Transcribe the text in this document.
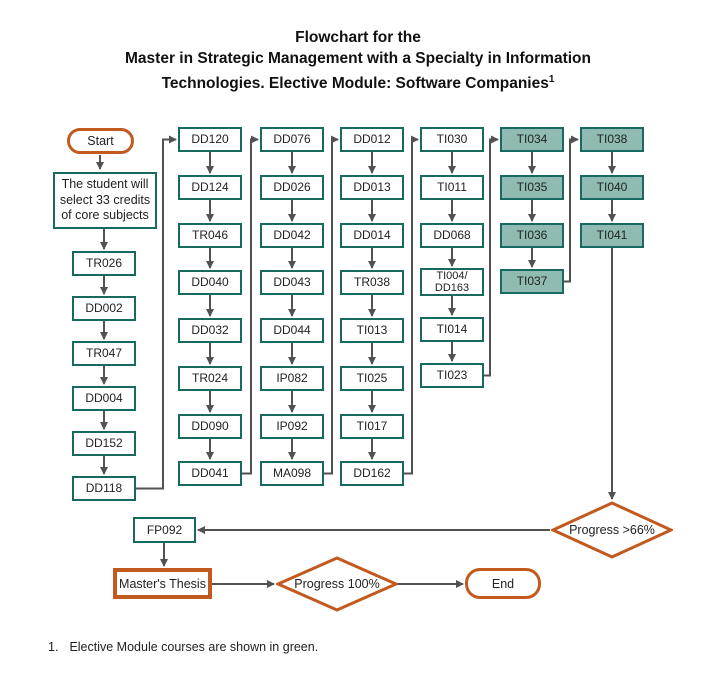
Flowchart for the
Master in Strategic Management with a Specialty in Information
Technologies. Elective Module: Software Companies$^1$
Start
The student will select 33 credits of core subjects
TR026
DD002
TR047
DD004
DD152
DD118
DD120
DD124
TR046
DD040
DD032
TR024
DD090
DD041
DD076
DD026
DD042
DD043
DD044
IP082
IP092
MA098
DD012
DD013
DD014
TR038
TI013
TI025
TI017
DD162
TI030
TI011
DD068
TI004/
DD163
TI014
TI023
TI034
TI035
TI036
TI037
TI038
TI040
TI041
FP092
Master's Thesis
Progress >66%
Progress 100%	End
1. Elective Module courses are shown in green.
